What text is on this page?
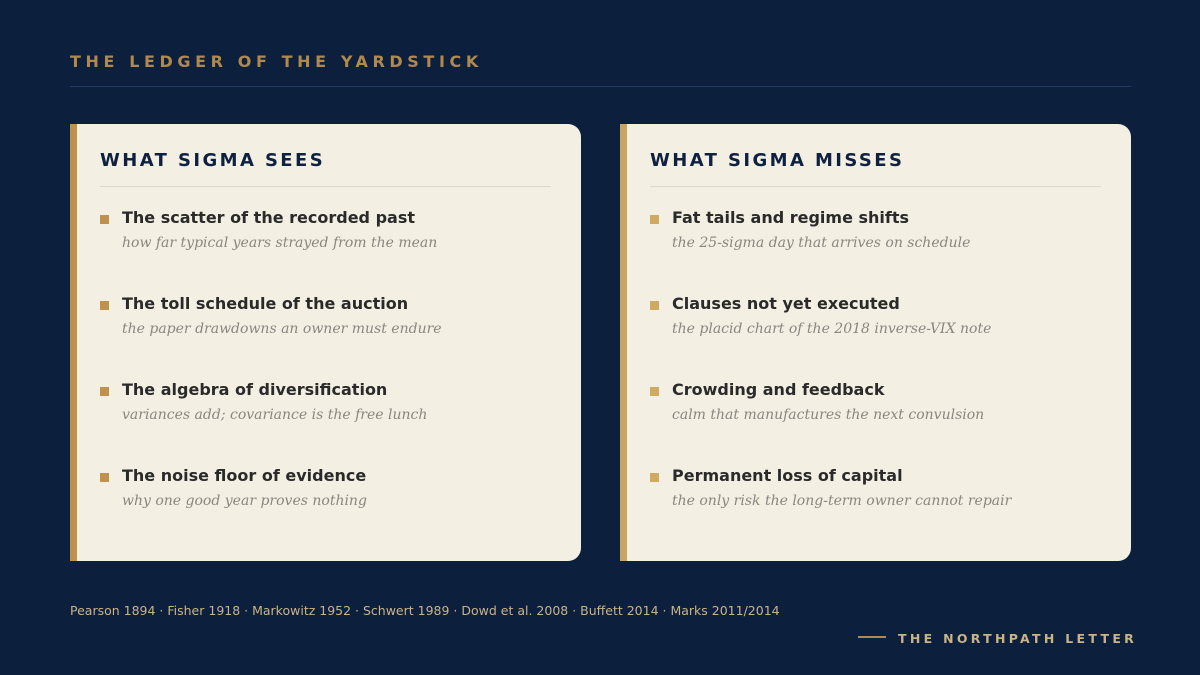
THE LEDGER OF THE YARDSTICK
WHAT SIGMA SEES
The scatter of the recorded past
how far typical years strayed from the mean
The toll schedule of the auction
the paper drawdowns an owner must endure
The algebra of diversification
variances add; covariance is the free lunch
The noise floor of evidence
why one good year proves nothing
WHAT SIGMA MISSES
Fat tails and regime shifts
the 25-sigma day that arrives on schedule
Clauses not yet executed
the placid chart of the 2018 inverse-VIX note
Crowding and feedback
calm that manufactures the next convulsion
Permanent loss of capital
the only risk the long-term owner cannot repair
Pearson 1894 · Fisher 1918 · Markowitz 1952 · Schwert 1989 · Dowd et al. 2008 · Buffett 2014 · Marks 2011/2014
THE NORTHPATH LETTER
